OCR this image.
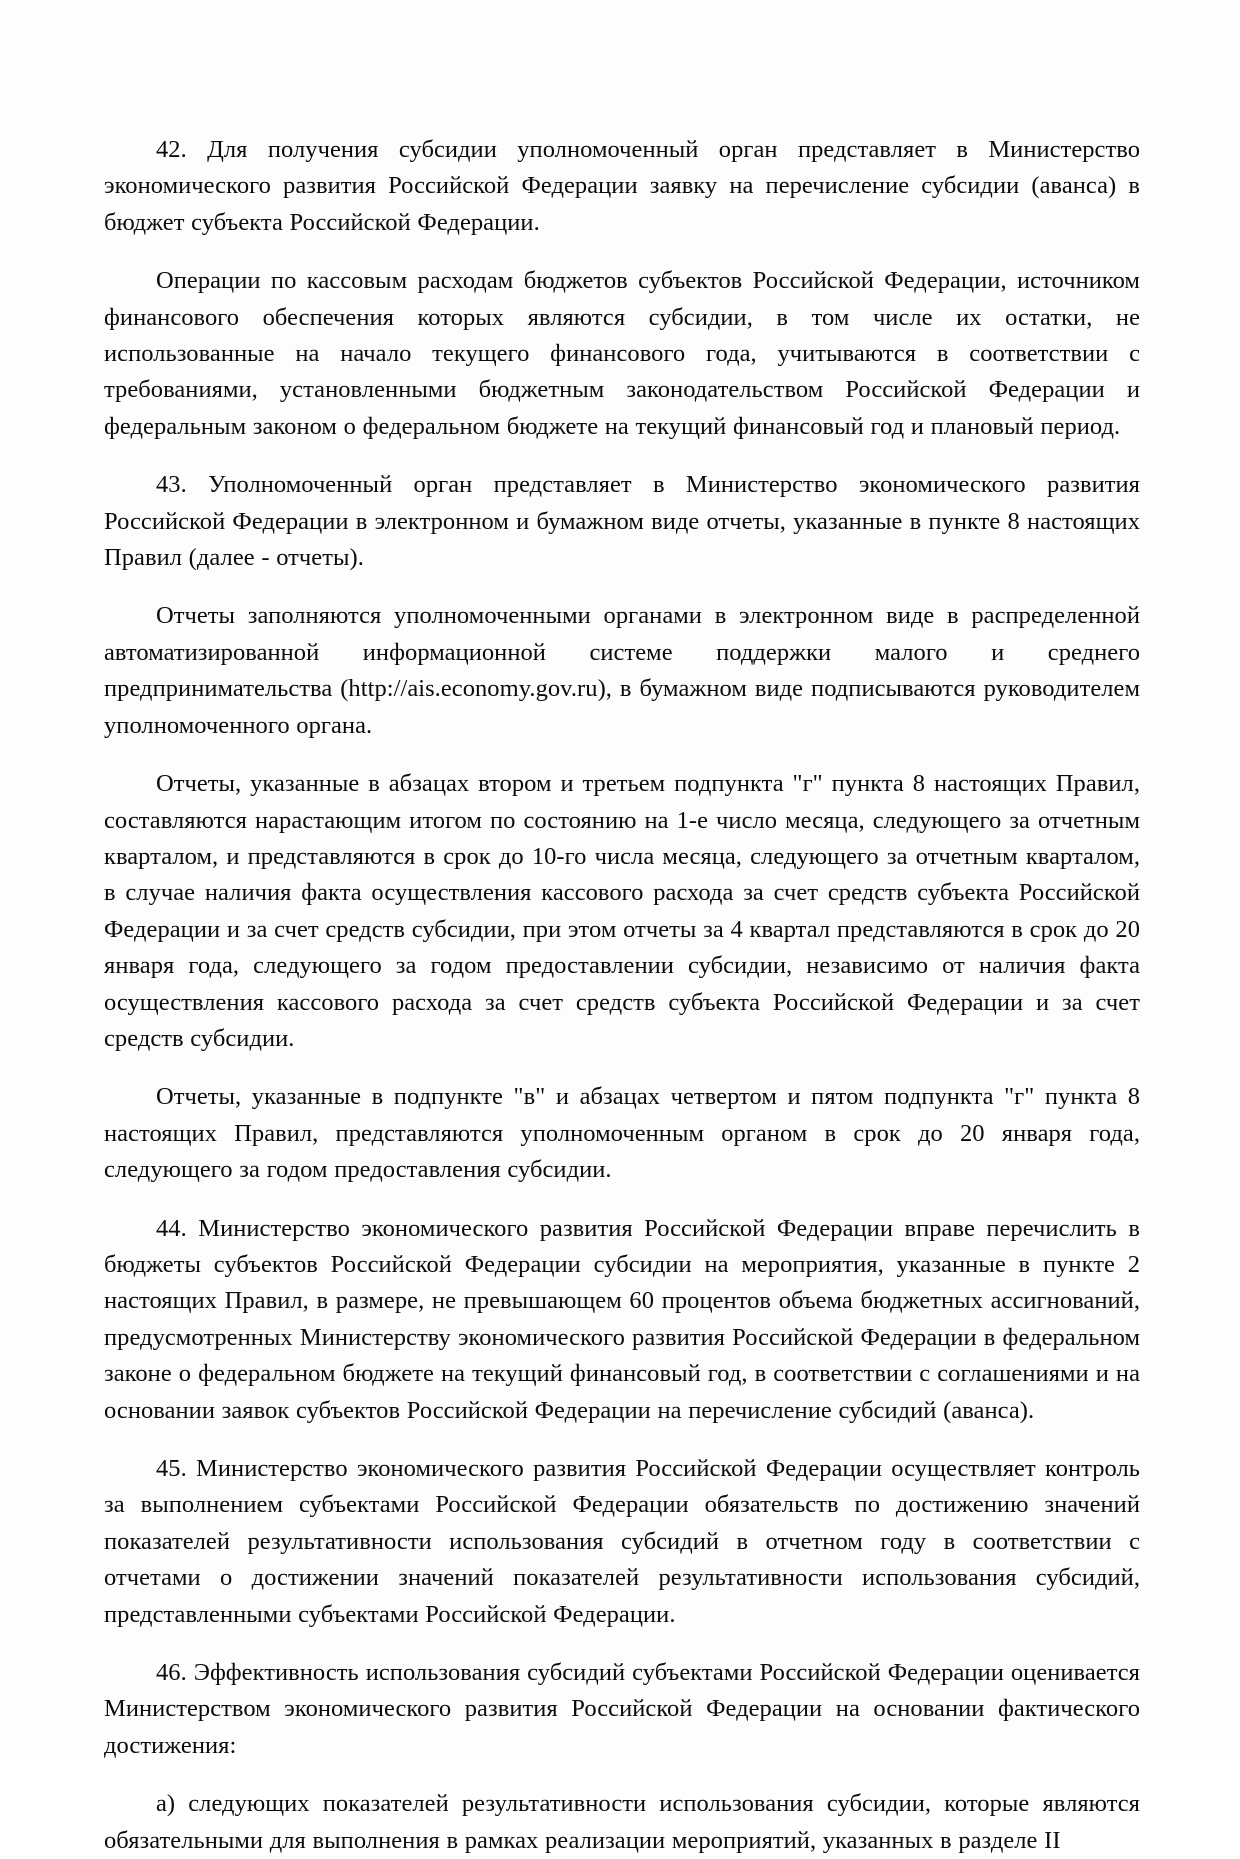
42. Для получения субсидии уполномоченный орган представляет в Министерство экономического развития Российской Федерации заявку на перечисление субсидии (аванса) в бюджет субъекта Российской Федерации.

Операции по кассовым расходам бюджетов субъектов Российской Федерации, источником финансового обеспечения которых являются субсидии, в том числе их остатки, не использованные на начало текущего финансового года, учитываются в соответствии с требованиями, установленными бюджетным законодательством Российской Федерации и федеральным законом о федеральном бюджете на текущий финансовый год и плановый период.

43. Уполномоченный орган представляет в Министерство экономического развития Российской Федерации в электронном и бумажном виде отчеты, указанные в пункте 8 настоящих Правил (далее - отчеты).

Отчеты заполняются уполномоченными органами в электронном виде в распределенной автоматизированной информационной системе поддержки малого и среднего предпринимательства (http://ais.economy.gov.ru), в бумажном виде подписываются руководителем уполномоченного органа.

Отчеты, указанные в абзацах втором и третьем подпункта "г" пункта 8 настоящих Правил, составляются нарастающим итогом по состоянию на 1-е число месяца, следующего за отчетным кварталом, и представляются в срок до 10-го числа месяца, следующего за отчетным кварталом, в случае наличия факта осуществления кассового расхода за счет средств субъекта Российской Федерации и за счет средств субсидии, при этом отчеты за 4 квартал представляются в срок до 20 января года, следующего за годом предоставлении субсидии, независимо от наличия факта осуществления кассового расхода за счет средств субъекта Российской Федерации и за счет средств субсидии.

Отчеты, указанные в подпункте "в" и абзацах четвертом и пятом подпункта "г" пункта 8 настоящих Правил, представляются уполномоченным органом в срок до 20 января года, следующего за годом предоставления субсидии.

44. Министерство экономического развития Российской Федерации вправе перечислить в бюджеты субъектов Российской Федерации субсидии на мероприятия, указанные в пункте 2 настоящих Правил, в размере, не превышающем 60 процентов объема бюджетных ассигнований, предусмотренных Министерству экономического развития Российской Федерации в федеральном законе о федеральном бюджете на текущий финансовый год, в соответствии с соглашениями и на основании заявок субъектов Российской Федерации на перечисление субсидий (аванса).

45. Министерство экономического развития Российской Федерации осуществляет контроль за выполнением субъектами Российской Федерации обязательств по достижению значений показателей результативности использования субсидий в отчетном году в соответствии с отчетами о достижении значений показателей результативности использования субсидий, представленными субъектами Российской Федерации.

46. Эффективность использования субсидий субъектами Российской Федерации оценивается Министерством экономического развития Российской Федерации на основании фактического достижения:

а) следующих показателей результативности использования субсидии, которые являются обязательными для выполнения в рамках реализации мероприятий, указанных в разделе II
